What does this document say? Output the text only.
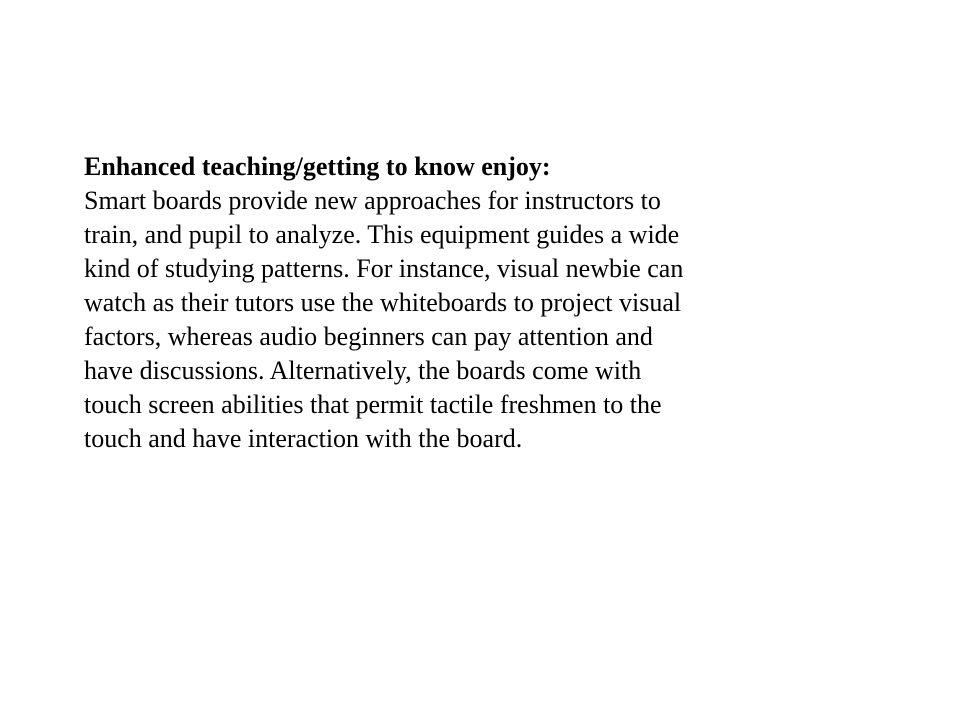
Enhanced teaching/getting to know enjoy:

Smart boards provide new approaches for instructors to

train, and pupil to analyze. This equipment guides a wide

kind of studying patterns. For instance, visual newbie can

watch as their tutors use the whiteboards to project visual

factors, whereas audio beginners can pay attention and

have discussions. Alternatively, the boards come with

touch screen abilities that permit tactile freshmen to the

touch and have interaction with the board.
